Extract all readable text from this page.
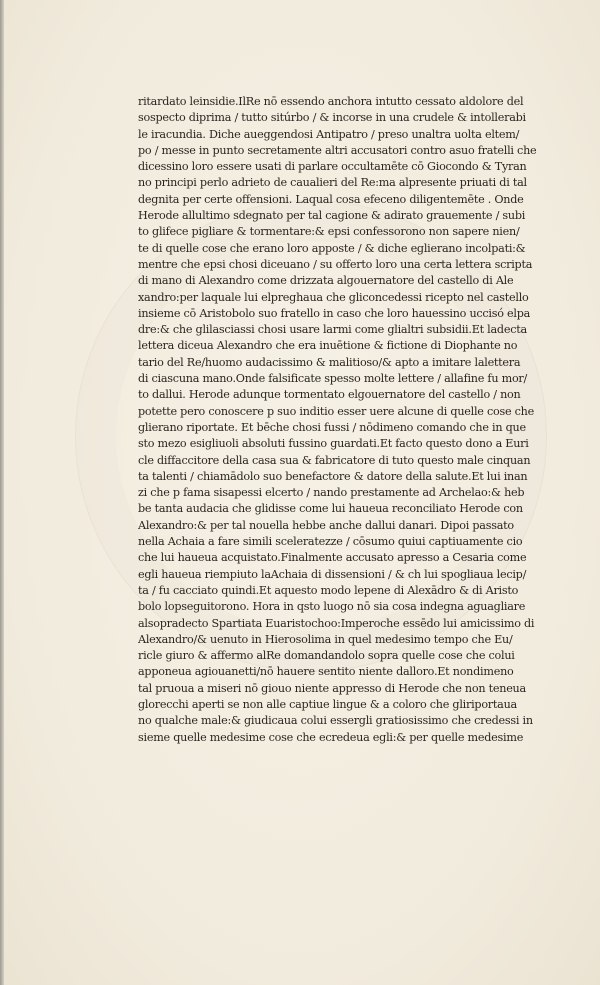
ritardato leinsidie.IlRe nō essendo anchora intutto cessato aldolore del
sospecto diprima / tutto sitúrbo / & incorse in una crudele & intollerabi
le iracundia. Diche aueggendosi Antipatro / preso unaltra uolta eltem/
po / messe in punto secretamente altri accusatori contro asuo fratelli che
dicessino loro essere usati di parlare occultamēte cō Giocondo & Tyran
no principi perlo adrieto de caualieri del Re:ma alpresente priuati di tal
degnita per certe offensioni. Laqual cosa efeceno diligentemēte . Onde
Herode allultimo sdegnato per tal cagione & adirato grauemente / subi
to glifece pigliare & tormentare:& epsi confessorono non sapere nien/
te di quelle cose che erano loro apposte / & diche eglierano incolpati:&
mentre che epsi chosi diceuano / su offerto loro una certa lettera scripta
di mano di Alexandro come drizzata algouernatore del castello di Ale
xandro:per laquale lui elpreghaua che gliconcedessi ricepto nel castello
insieme cō Aristobolo suo fratello in caso che loro hauessino uccisó elpa
dre:& che glilasciassi chosi usare larmi come glialtri subsidii.Et ladecta
lettera diceua Alexandro che era inuētione & fictione di Diophante no
tario del Re/huomo audacissimo & malitioso/& apto a imitare lalettera
di ciascuna mano.Onde falsificate spesso molte lettere / allafine fu mor/
to dallui. Herode adunque tormentato elgouernatore del castello / non
potette pero conoscere p suo inditio esser uere alcune di quelle cose che
glierano riportate. Et bēche chosi fussi / nōdimeno comando che in que
sto mezo esigliuoli absoluti fussino guardati.Et facto questo dono a Euri
cle diffaccitore della casa sua & fabricatore di tuto questo male cinquan
ta talenti / chiamādolo suo benefactore & datore della salute.Et lui inan
zi che p fama sisapessi elcerto / nando prestamente ad Archelao:& heb
be tanta audacia che glidisse come lui haueua reconciliato Herode con
Alexandro:& per tal nouella hebbe anche dallui danari. Dipoi passato
nella Achaia a fare simili sceleratezze / cōsumo quiui captiuamente cio
che lui haueua acquistato.Finalmente accusato apresso a Cesaria come
egli haueua riempiuto laAchaia di dissensioni / & ch lui spogliaua lecip/
ta / fu cacciato quindi.Et aquesto modo lepene di Alexādro & di Aristo
bolo lopseguitorono. Hora in qsto luogo nō sia cosa indegna aguagliare
alsopradecto Spartiata Euaristochoo:Imperoche essēdo lui amicissimo di
Alexandro/& uenuto in Hierosolima in quel medesimo tempo che Eu/
ricle giuro & affermo alRe domandandolo sopra quelle cose che colui
apponeua agiouanetti/nō hauere sentito niente dalloro.Et nondimeno
tal pruoua a miseri nō giouo niente appresso di Herode che non teneua
glorecchi aperti se non alle captiue lingue & a coloro che gliriportaua
no qualche male:& giudicaua colui essergli gratiosissimo che credessi in
sieme quelle medesime cose che ecredeua egli:& per quelle medesime
